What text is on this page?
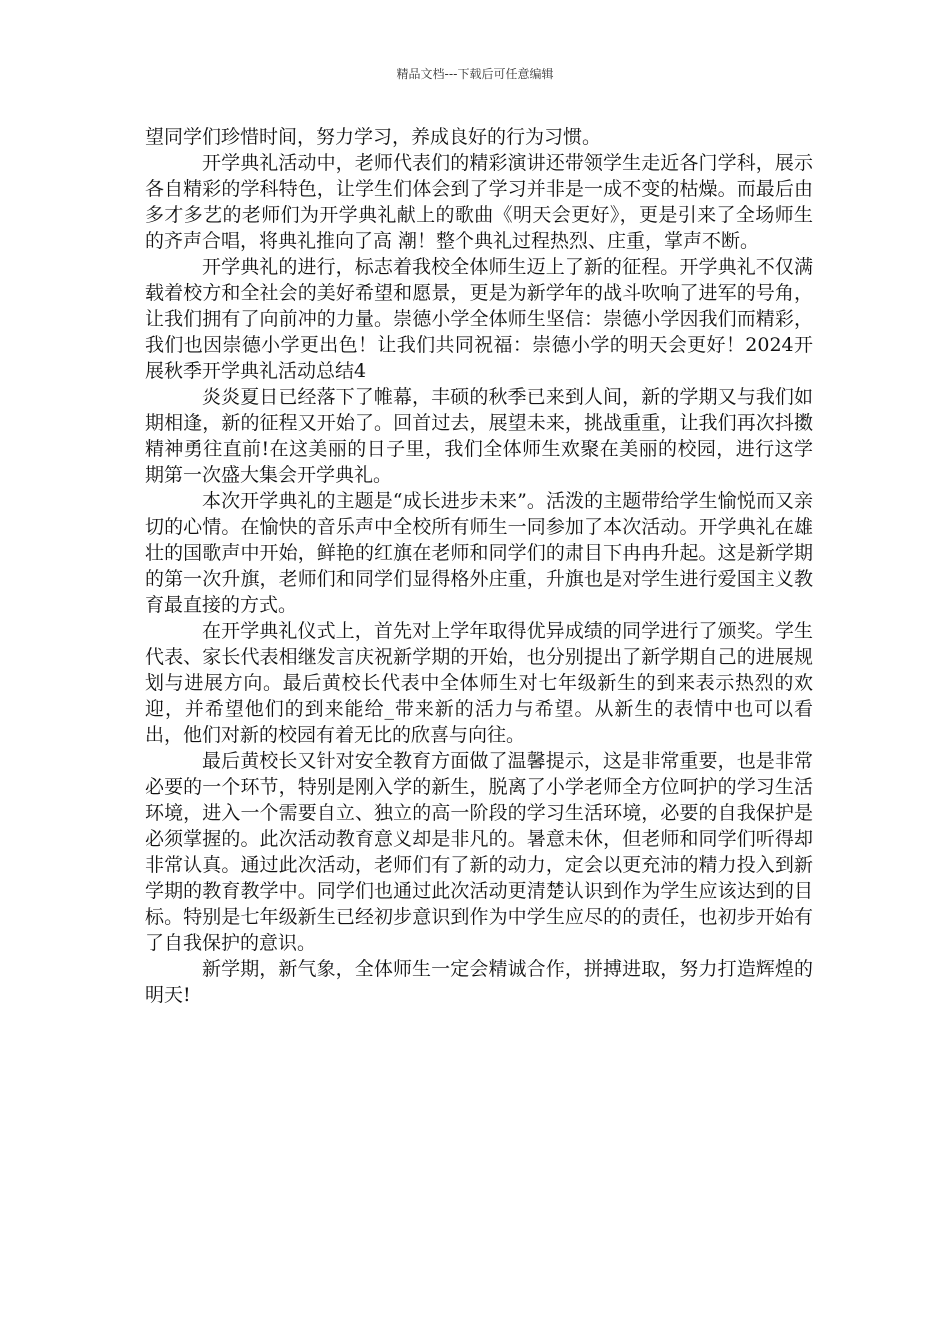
精品文档---下载后可任意编辑

望同学们珍惜时间，努力学习，养成良好的行为习惯。

开学典礼活动中，老师代表们的精彩演讲还带领学生走近各门学科，展示各自精彩的学科特色，让学生们体会到了学习并非是一成不变的枯燥。而最后由多才多艺的老师们为开学典礼献上的歌曲《明天会更好》，更是引来了全场师生的齐声合唱，将典礼推向了高 潮！整个典礼过程热烈、庄重，掌声不断。

开学典礼的进行，标志着我校全体师生迈上了新的征程。开学典礼不仅满载着校方和全社会的美好希望和愿景，更是为新学年的战斗吹响了进军的号角，让我们拥有了向前冲的力量。崇德小学全体师生坚信：崇德小学因我们而精彩，我们也因崇德小学更出色！让我们共同祝福：崇德小学的明天会更好！2024开展秋季开学典礼活动总结4

炎炎夏日已经落下了帷幕，丰硕的秋季已来到人间，新的学期又与我们如期相逢，新的征程又开始了。回首过去，展望未来，挑战重重，让我们再次抖擞精神勇往直前!在这美丽的日子里，我们全体师生欢聚在美丽的校园，进行这学期第一次盛大集会开学典礼。

本次开学典礼的主题是“成长进步未来”。活泼的主题带给学生愉悦而又亲切的心情。在愉快的音乐声中全校所有师生一同参加了本次活动。开学典礼在雄壮的国歌声中开始，鲜艳的红旗在老师和同学们的肃目下冉冉升起。这是新学期的第一次升旗，老师们和同学们显得格外庄重，升旗也是对学生进行爱国主义教育最直接的方式。

在开学典礼仪式上，首先对上学年取得优异成绩的同学进行了颁奖。学生代表、家长代表相继发言庆祝新学期的开始，也分别提出了新学期自己的进展规划与进展方向。最后黄校长代表中全体师生对七年级新生的到来表示热烈的欢迎，并希望他们的到来能给_带来新的活力与希望。从新生的表情中也可以看出，他们对新的校园有着无比的欣喜与向往。

最后黄校长又针对安全教育方面做了温馨提示，这是非常重要，也是非常必要的一个环节，特别是刚入学的新生，脱离了小学老师全方位呵护的学习生活环境，进入一个需要自立、独立的高一阶段的学习生活环境，必要的自我保护是必须掌握的。此次活动教育意义却是非凡的。暑意未休，但老师和同学们听得却非常认真。通过此次活动，老师们有了新的动力，定会以更充沛的精力投入到新学期的教育教学中。同学们也通过此次活动更清楚认识到作为学生应该达到的目标。特别是七年级新生已经初步意识到作为中学生应尽的的责任，也初步开始有了自我保护的意识。

新学期，新气象，全体师生一定会精诚合作，拼搏进取，努力打造辉煌的明天!
